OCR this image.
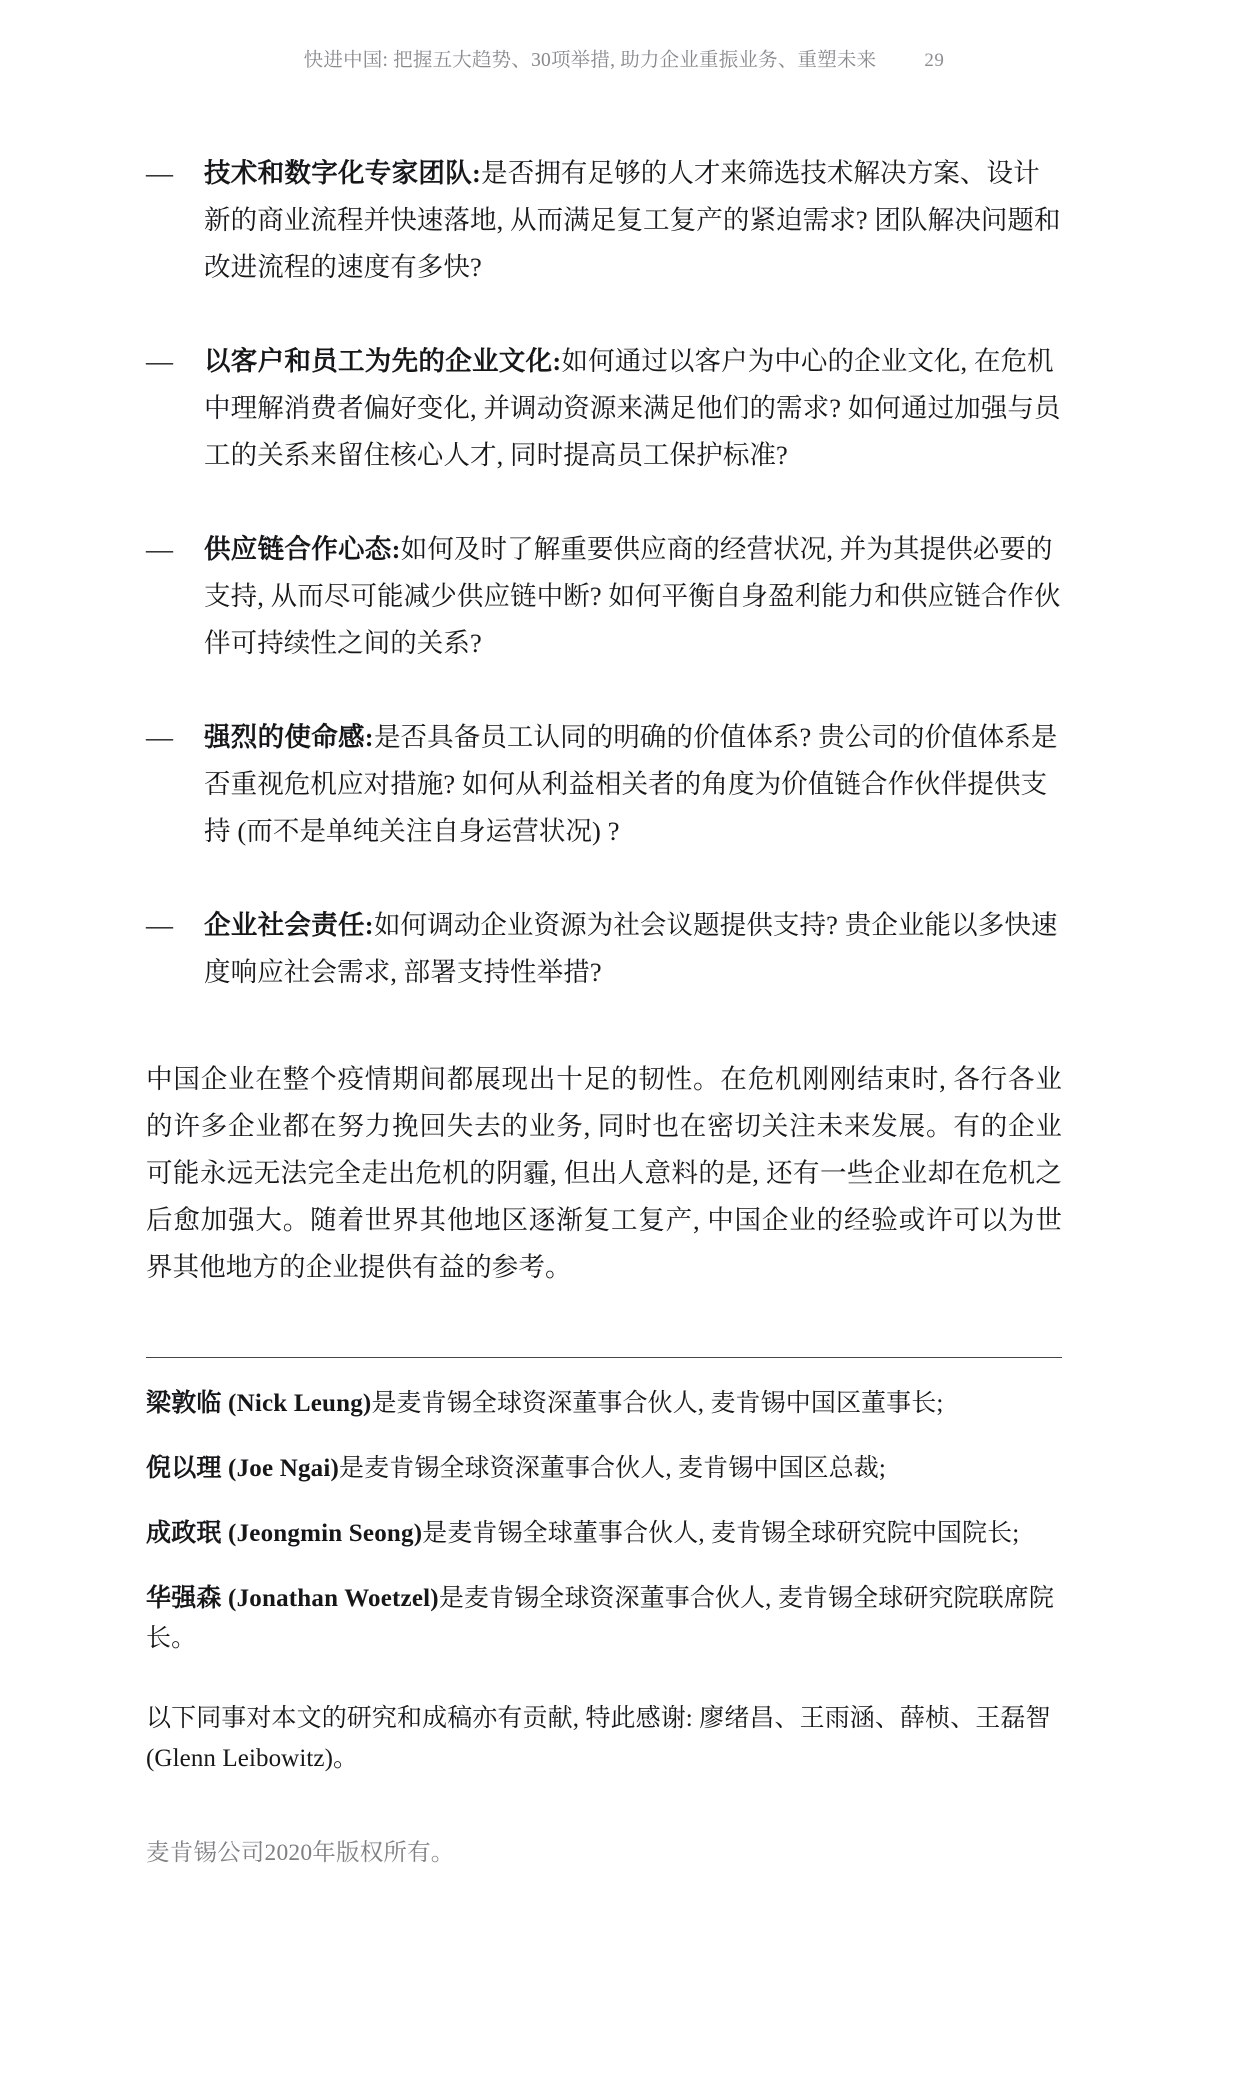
快进中国: 把握五大趋势、30项举措, 助力企业重振业务、重塑未来	29
— 技术和数字化专家团队:是否拥有足够的人才来筛选技术解决方案、设计新的商业流程并快速落地, 从而满足复工复产的紧迫需求? 团队解决问题和改进流程的速度有多快?
— 以客户和员工为先的企业文化:如何通过以客户为中心的企业文化, 在危机中理解消费者偏好变化, 并调动资源来满足他们的需求? 如何通过加强与员工的关系来留住核心人才, 同时提高员工保护标准?
— 供应链合作心态:如何及时了解重要供应商的经营状况, 并为其提供必要的支持, 从而尽可能减少供应链中断? 如何平衡自身盈利能力和供应链合作伙伴可持续性之间的关系?
— 强烈的使命感:是否具备员工认同的明确的价值体系? 贵公司的价值体系是否重视危机应对措施? 如何从利益相关者的角度为价值链合作伙伴提供支持 (而不是单纯关注自身运营状况) ?
— 企业社会责任:如何调动企业资源为社会议题提供支持? 贵企业能以多快速度响应社会需求, 部署支持性举措?

中国企业在整个疫情期间都展现出十足的韧性。在危机刚刚结束时, 各行各业的许多企业都在努力挽回失去的业务, 同时也在密切关注未来发展。有的企业可能永远无法完全走出危机的阴霾, 但出人意料的是, 还有一些企业却在危机之后愈加强大。随着世界其他地区逐渐复工复产, 中国企业的经验或许可以为世界其他地方的企业提供有益的参考。

梁敦临 (Nick Leung)是麦肯锡全球资深董事合伙人, 麦肯锡中国区董事长;

倪以理 (Joe Ngai)是麦肯锡全球资深董事合伙人, 麦肯锡中国区总裁;

成政珉 (Jeongmin Seong)是麦肯锡全球董事合伙人, 麦肯锡全球研究院中国院长;

华强森 (Jonathan Woetzel)是麦肯锡全球资深董事合伙人, 麦肯锡全球研究院联席院长。

以下同事对本文的研究和成稿亦有贡献, 特此感谢: 廖绪昌、王雨涵、薛桢、王磊智 (Glenn Leibowitz)。

麦肯锡公司2020年版权所有。
